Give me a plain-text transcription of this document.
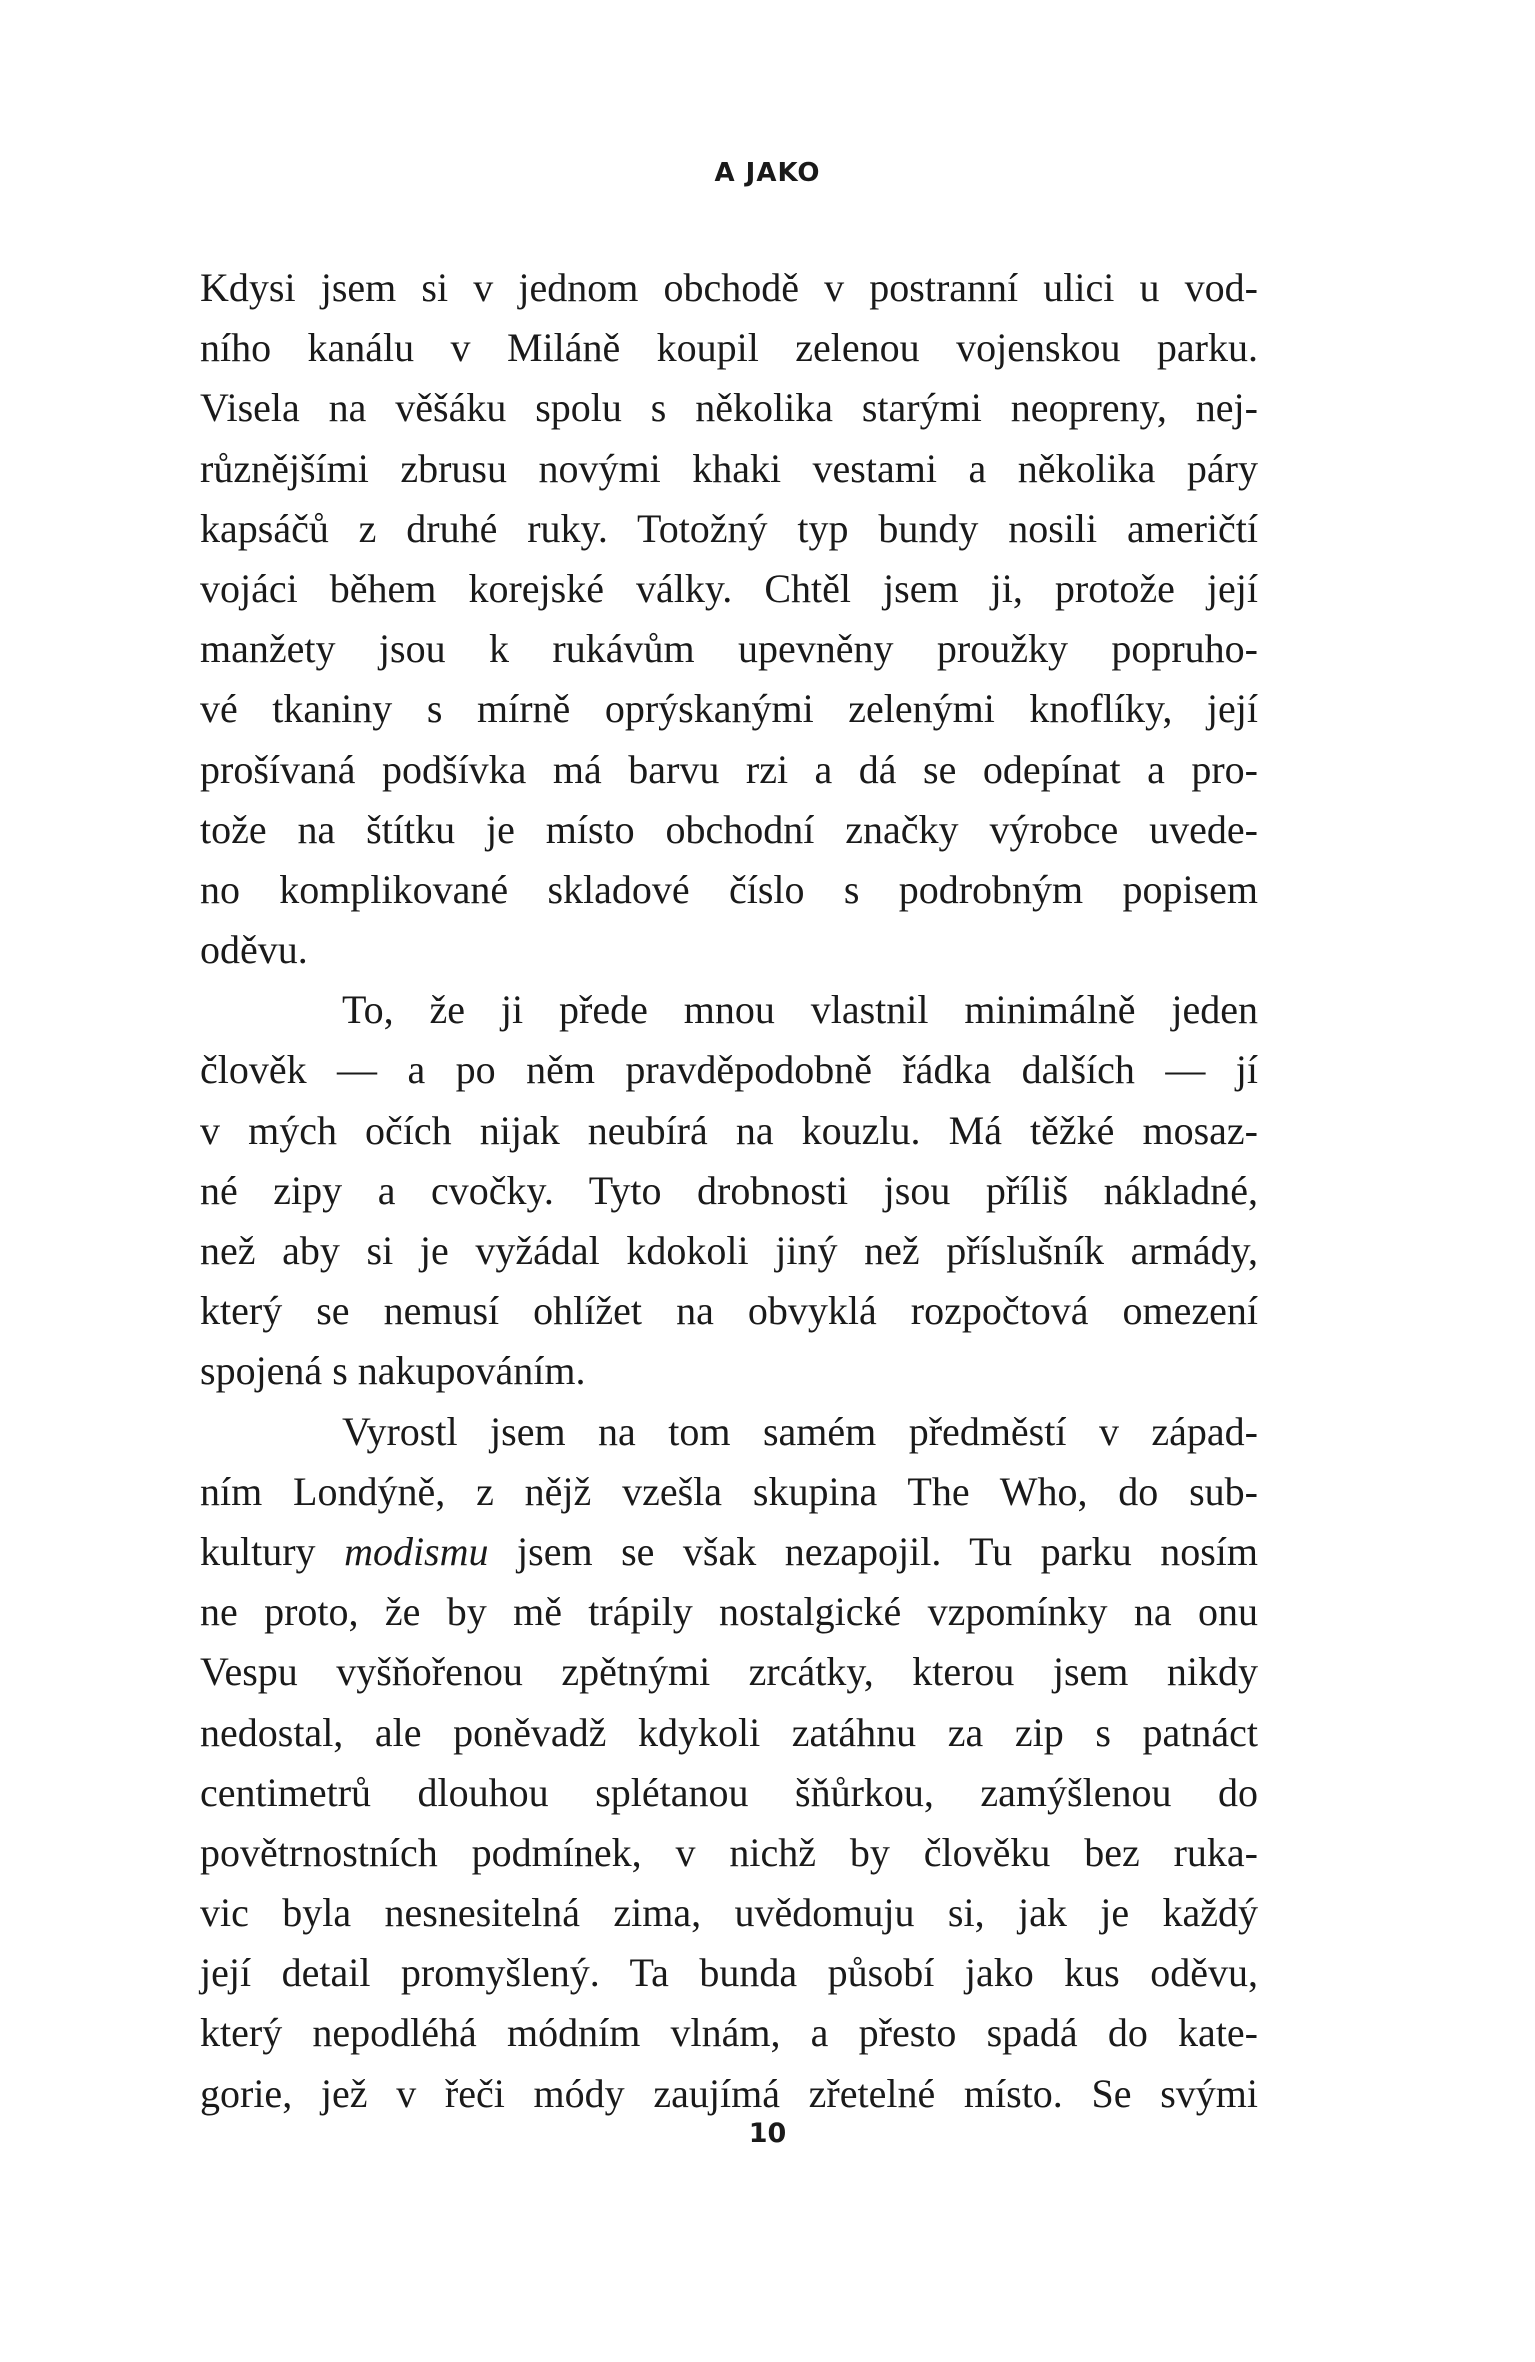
A JAKO
Kdysi jsem si v jednom obchodě v postranní ulici u vod-
ního kanálu v Miláně koupil zelenou vojenskou parku.
Visela na věšáku spolu s několika starými neopreny, nej-
různějšími zbrusu novými khaki vestami a několika páry
kapsáčů z druhé ruky. Totožný typ bundy nosili američtí
vojáci během korejské války. Chtěl jsem ji, protože její
manžety jsou k rukávům upevněny proužky popruho-
vé tkaniny s mírně oprýskanými zelenými knoflíky, její
prošívaná podšívka má barvu rzi a dá se odepínat a pro-
tože na štítku je místo obchodní značky výrobce uvede-
no komplikované skladové číslo s podrobným popisem
oděvu.
To, že ji přede mnou vlastnil minimálně jeden
člověk — a po něm pravděpodobně řádka dalších — jí
v mých očích nijak neubírá na kouzlu. Má těžké mosaz-
né zipy a cvočky. Tyto drobnosti jsou příliš nákladné,
než aby si je vyžádal kdokoli jiný než příslušník armády,
který se nemusí ohlížet na obvyklá rozpočtová omezení
spojená s nakupováním.
Vyrostl jsem na tom samém předměstí v západ-
ním Londýně, z nějž vzešla skupina The Who, do sub-
kultury modismu jsem se však nezapojil. Tu parku nosím
ne proto, že by mě trápily nostalgické vzpomínky na onu
Vespu vyšňořenou zpětnými zrcátky, kterou jsem nikdy
nedostal, ale poněvadž kdykoli zatáhnu za zip s patnáct
centimetrů dlouhou splétanou šňůrkou, zamýšlenou do
povětrnostních podmínek, v nichž by člověku bez ruka-
vic byla nesnesitelná zima, uvědomuju si, jak je každý
její detail promyšlený. Ta bunda působí jako kus oděvu,
který nepodléhá módním vlnám, a přesto spadá do kate-
gorie, jež v řeči módy zaujímá zřetelné místo. Se svými
10
